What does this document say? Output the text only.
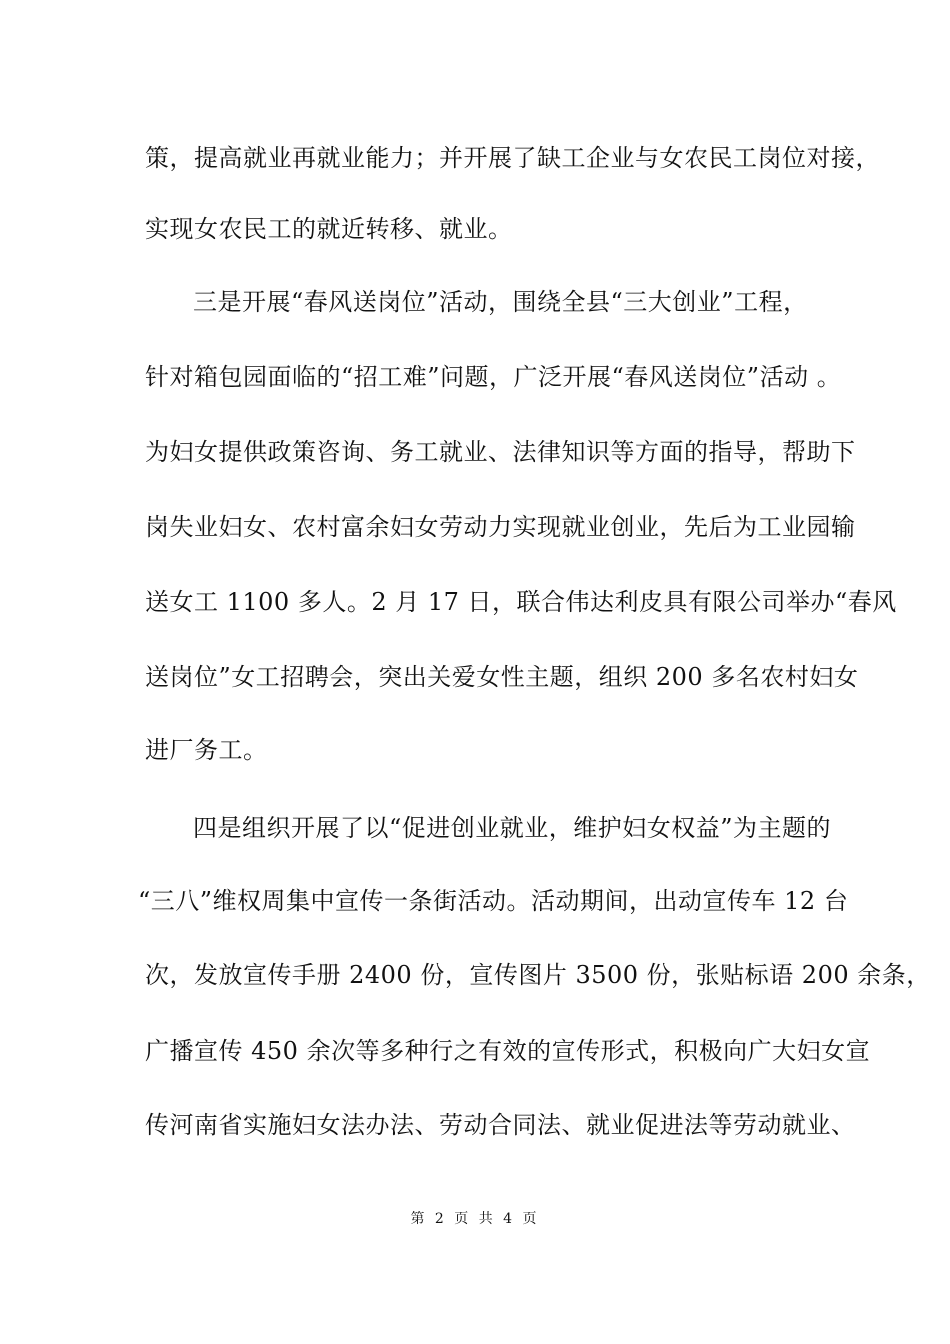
策，提高就业再就业能力；并开展了缺工企业与女农民工岗位对接，
实现女农民工的就近转移、就业。
三是开展“春风送岗位”活动，围绕全县“三大创业”工程，
针对箱包园面临的“招工难”问题，广泛开展“春风送岗位”活动 。
为妇女提供政策咨询、务工就业、法律知识等方面的指导，帮助下
岗失业妇女、农村富余妇女劳动力实现就业创业，先后为工业园输
送女工 1100 多人。2 月 17 日，联合伟达利皮具有限公司举办“春风
送岗位”女工招聘会，突出关爱女性主题，组织 200 多名农村妇女
进厂务工。
四是组织开展了以“促进创业就业，维护妇女权益”为主题的
“三八”维权周集中宣传一条街活动。活动期间，出动宣传车 12 台
次，发放宣传手册 2400 份，宣传图片 3500 份，张贴标语 200 余条，
广播宣传 450 余次等多种行之有效的宣传形式，积极向广大妇女宣
传河南省实施妇女法办法、劳动合同法、就业促进法等劳动就业、
第 2 页 共 4 页
